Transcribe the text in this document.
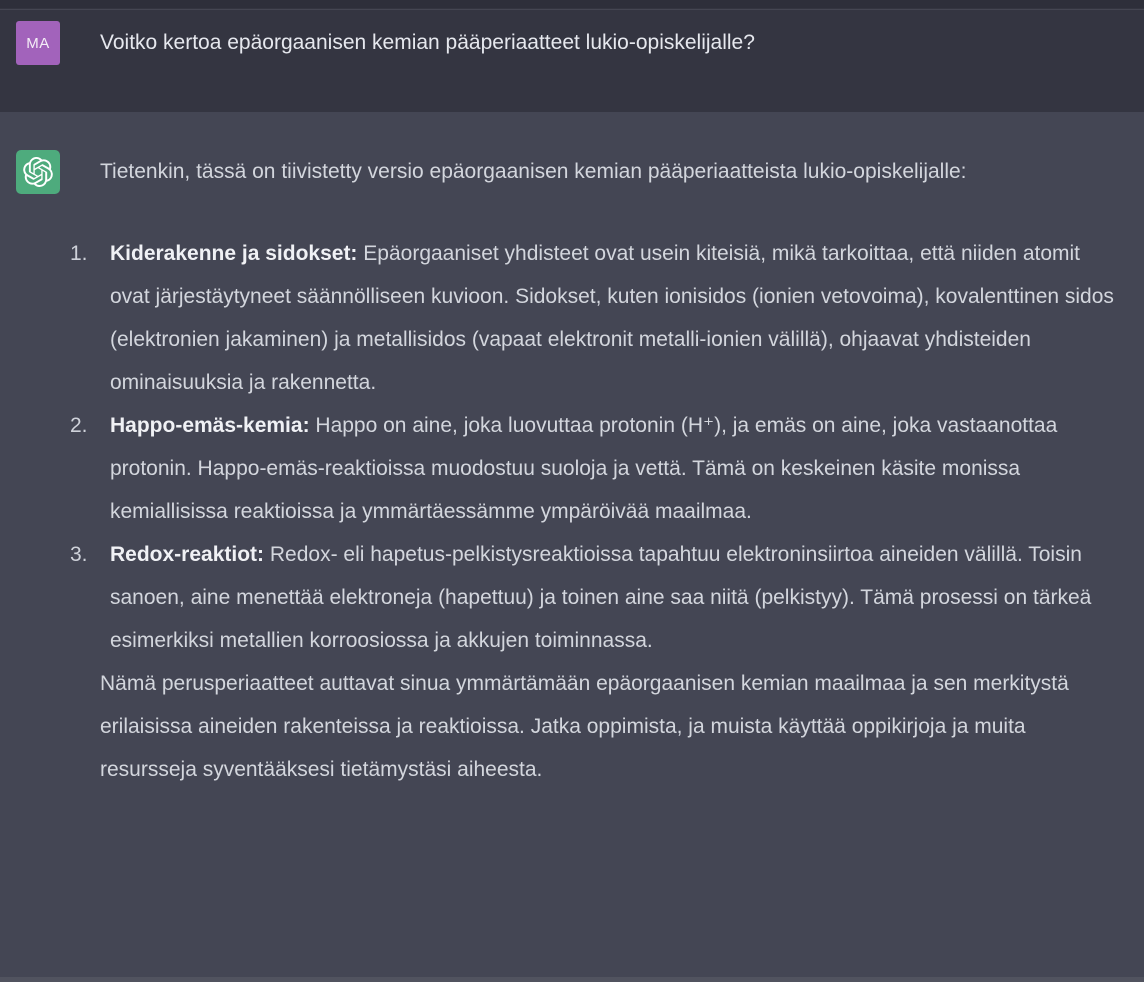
MA Voitko kertoa epäorgaanisen kemian pääperiaatteet lukio-opiskelijalle?

Tietenkin, tässä on tiivistetty versio epäorgaanisen kemian pääperiaatteista lukio-opiskelijalle:

1.	Kiderakenne ja sidokset: Epäorgaaniset yhdisteet ovat usein kiteisiä, mikä tarkoittaa, että niiden atomit ovat järjestäytyneet säännölliseen kuvioon. Sidokset, kuten ionisidos (ionien vetovoima), kovalenttinen sidos (elektronien jakaminen) ja metallisidos (vapaat elektronit metalli-ionien välillä), ohjaavat yhdisteiden ominaisuuksia ja rakennetta.
2.	Happo-emäs-kemia: Happo on aine, joka luovuttaa protonin (H⁺), ja emäs on aine, joka vastaanottaa protonin. Happo-emäs-reaktioissa muodostuu suoloja ja vettä. Tämä on keskeinen käsite monissa kemiallisissa reaktioissa ja ymmärtäessämme ympäröivää maailmaa.
3.	Redox-reaktiot: Redox- eli hapetus-pelkistysreaktioissa tapahtuu elektroninsiirtoa aineiden välillä. Toisin sanoen, aine menettää elektroneja (hapettuu) ja toinen aine saa niitä (pelkistyy). Tämä prosessi on tärkeä esimerkiksi metallien korroosiossa ja akkujen toiminnassa.

Nämä perusperiaatteet auttavat sinua ymmärtämään epäorgaanisen kemian maailmaa ja sen merkitystä erilaisissa aineiden rakenteissa ja reaktioissa. Jatka oppimista, ja muista käyttää oppikirjoja ja muita resursseja syventääksesi tietämystäsi aiheesta.
